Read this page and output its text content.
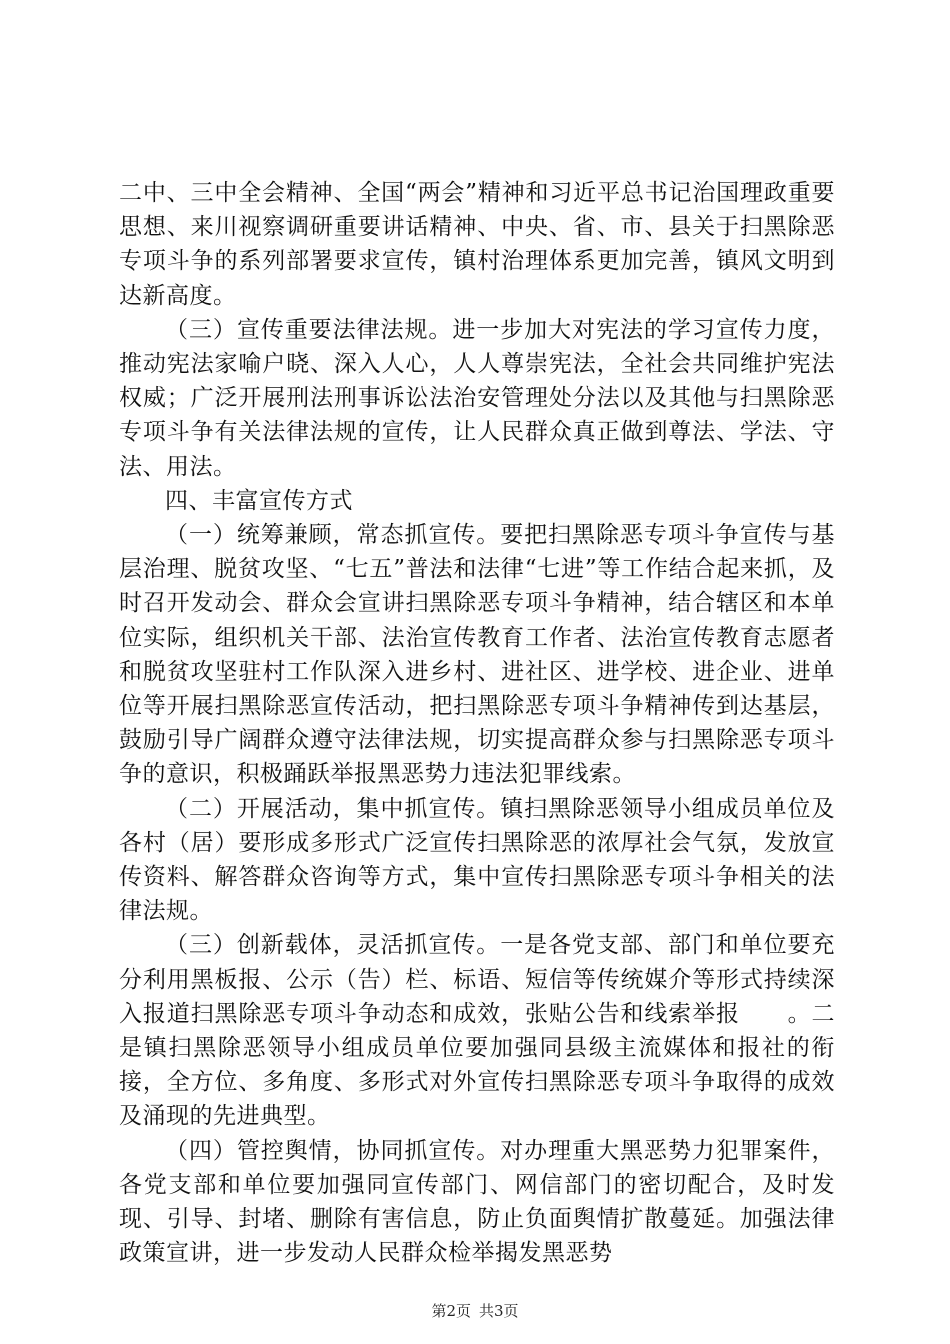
二中、三中全会精神、全国“两会”精神和习近平总书记治国理政重要思想、来川视察调研重要讲话精神、中央、省、市、县关于扫黑除恶专项斗争的系列部署要求宣传，镇村治理体系更加完善，镇风文明到达新高度。

（三）宣传重要法律法规。进一步加大对宪法的学习宣传力度，推动宪法家喻户晓、深入人心，人人尊崇宪法，全社会共同维护宪法权威；广泛开展刑法刑事诉讼法治安管理处分法以及其他与扫黑除恶专项斗争有关法律法规的宣传，让人民群众真正做到尊法、学法、守法、用法。

四、丰富宣传方式

（一）统筹兼顾，常态抓宣传。要把扫黑除恶专项斗争宣传与基层治理、脱贫攻坚、“七五”普法和法律“七进”等工作结合起来抓，及时召开发动会、群众会宣讲扫黑除恶专项斗争精神，结合辖区和本单位实际，组织机关干部、法治宣传教育工作者、法治宣传教育志愿者和脱贫攻坚驻村工作队深入进乡村、进社区、进学校、进企业、进单位等开展扫黑除恶宣传活动，把扫黑除恶专项斗争精神传到达基层，鼓励引导广阔群众遵守法律法规，切实提高群众参与扫黑除恶专项斗争的意识，积极踊跃举报黑恶势力违法犯罪线索。

（二）开展活动，集中抓宣传。镇扫黑除恶领导小组成员单位及各村（居）要形成多形式广泛宣传扫黑除恶的浓厚社会气氛，发放宣传资料、解答群众咨询等方式，集中宣传扫黑除恶专项斗争相关的法律法规。

（三）创新载体，灵活抓宣传。一是各党支部、部门和单位要充分利用黑板报、公示（告）栏、标语、短信等传统媒介等形式持续深入报道扫黑除恶专项斗争动态和成效，张贴公告和线索举报　　。二是镇扫黑除恶领导小组成员单位要加强同县级主流媒体和报社的衔接，全方位、多角度、多形式对外宣传扫黑除恶专项斗争取得的成效及涌现的先进典型。

（四）管控舆情，协同抓宣传。对办理重大黑恶势力犯罪案件，各党支部和单位要加强同宣传部门、网信部门的密切配合，及时发现、引导、封堵、删除有害信息，防止负面舆情扩散蔓延。加强法律政策宣讲，进一步发动人民群众检举揭发黑恶势

第2页 共3页
